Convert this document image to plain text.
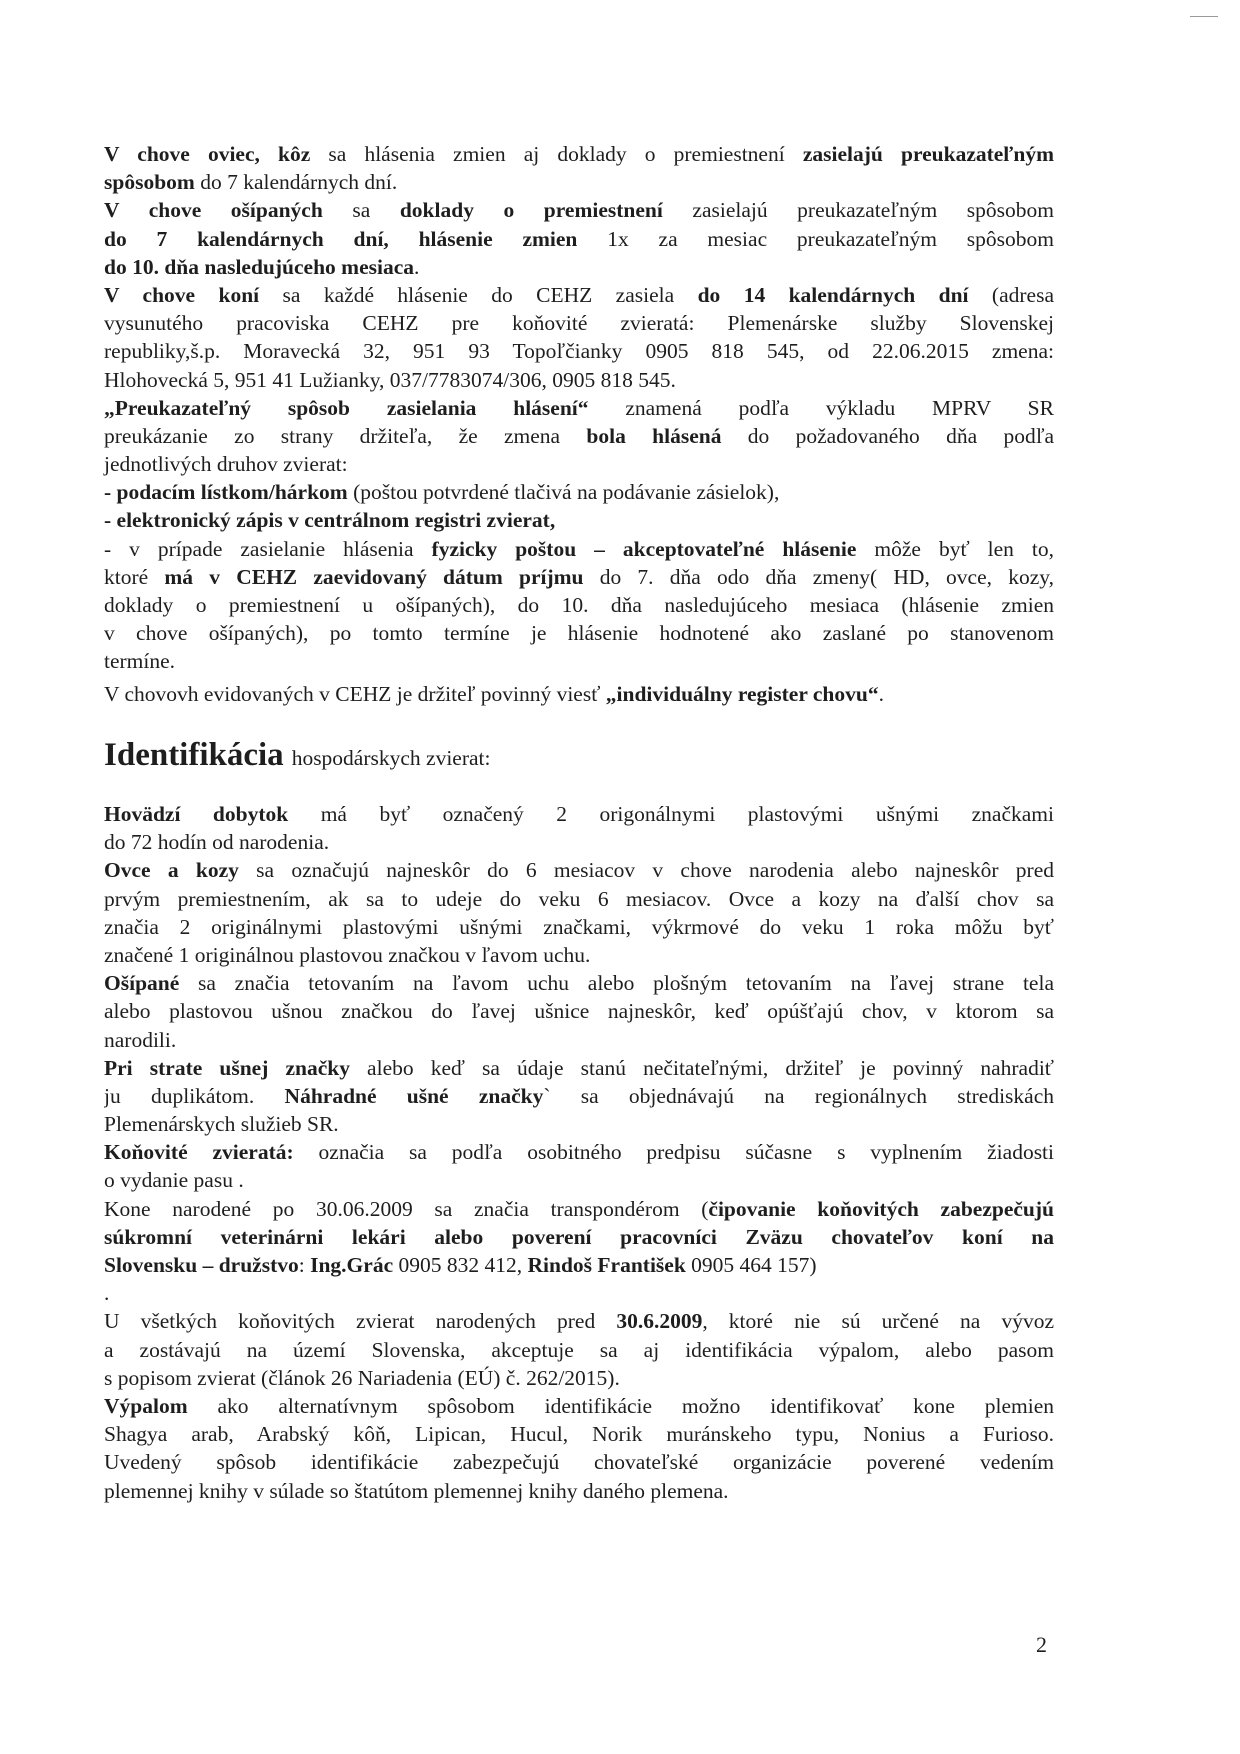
V chove oviec, kôz sa hlásenia zmien aj doklady o premiestnení zasielajú preukazateľným
spôsobom do 7 kalendárnych dní.
V chove ošípaných sa doklady o premiestnení zasielajú preukazateľným spôsobom
do 7 kalendárnych dní, hlásenie zmien 1x za mesiac preukazateľným spôsobom
do 10. dňa nasledujúceho mesiaca.
V chove koní sa každé hlásenie do CEHZ zasiela do 14 kalendárnych dní (adresa
vysunutého pracoviska CEHZ pre koňovité zvieratá: Plemenárske služby Slovenskej
republiky,š.p. Moravecká 32, 951 93 Topoľčianky 0905 818 545, od 22.06.2015 zmena:
Hlohovecká 5, 951 41 Lužianky, 037/7783074/306, 0905 818 545.
„Preukazateľný spôsob zasielania hlásení“ znamená podľa výkladu MPRV SR
preukázanie zo strany držiteľa, že zmena bola hlásená do požadovaného dňa podľa
jednotlivých druhov zvierat:
- podacím lístkom/hárkom (poštou potvrdené tlačivá na podávanie zásielok),
- elektronický zápis v centrálnom registri zvierat,
- v prípade zasielanie hlásenia fyzicky poštou – akceptovateľné hlásenie môže byť len to,
ktoré má v CEHZ zaevidovaný dátum príjmu do 7. dňa odo dňa zmeny( HD, ovce, kozy,
doklady o premiestnení u ošípaných), do 10. dňa nasledujúceho mesiaca (hlásenie zmien
v chove ošípaných), po tomto termíne je hlásenie hodnotené ako zaslané po stanovenom
termíne.
V chovovh evidovaných v CEHZ je držiteľ povinný viesť „individuálny register chovu“.
Identifikácia hospodárskych zvierat:
Hovädzí dobytok má byť označený 2 origonálnymi plastovými ušnými značkami
do 72 hodín od narodenia.
Ovce a kozy sa označujú najneskôr do 6 mesiacov v chove narodenia alebo najneskôr pred
prvým premiestnením, ak sa to udeje do veku 6 mesiacov. Ovce a kozy na ďalší chov sa
značia 2 originálnymi plastovými ušnými značkami, výkrmové do veku 1 roka môžu byť
značené 1 originálnou plastovou značkou v ľavom uchu.
Ošípané sa značia tetovaním na ľavom uchu alebo plošným tetovaním na ľavej strane tela
alebo plastovou ušnou značkou do ľavej ušnice najneskôr, keď opúšťajú chov, v ktorom sa
narodili.
Pri strate ušnej značky alebo keď sa údaje stanú nečitateľnými, držiteľ je povinný nahradiť
ju duplikátom. Náhradné ušné značky` sa objednávajú na regionálnych strediskách
Plemenárskych služieb SR.
Koňovité zvieratá: označia sa podľa osobitného predpisu súčasne s vyplnením žiadosti
o vydanie pasu .
Kone narodené po 30.06.2009 sa značia transpondérom (čipovanie koňovitých zabezpečujú
súkromní veterinárni lekári alebo poverení pracovníci Zväzu chovateľov koní na
Slovensku – družstvo: Ing.Grác 0905 832 412, Rindoš František 0905 464 157)
.
U všetkých koňovitých zvierat narodených pred 30.6.2009, ktoré nie sú určené na vývoz
a zostávajú na území Slovenska, akceptuje sa aj identifikácia výpalom, alebo pasom
s popisom zvierat (článok 26 Nariadenia (EÚ) č. 262/2015).
Výpalom ako alternatívnym spôsobom identifikácie možno identifikovať kone plemien
Shagya arab, Arabský kôň, Lipican, Hucul, Norik muránskeho typu, Nonius a Furioso.
Uvedený spôsob identifikácie zabezpečujú chovateľské organizácie poverené vedením
plemennej knihy v súlade so štatútom plemennej knihy daného plemena.
2
